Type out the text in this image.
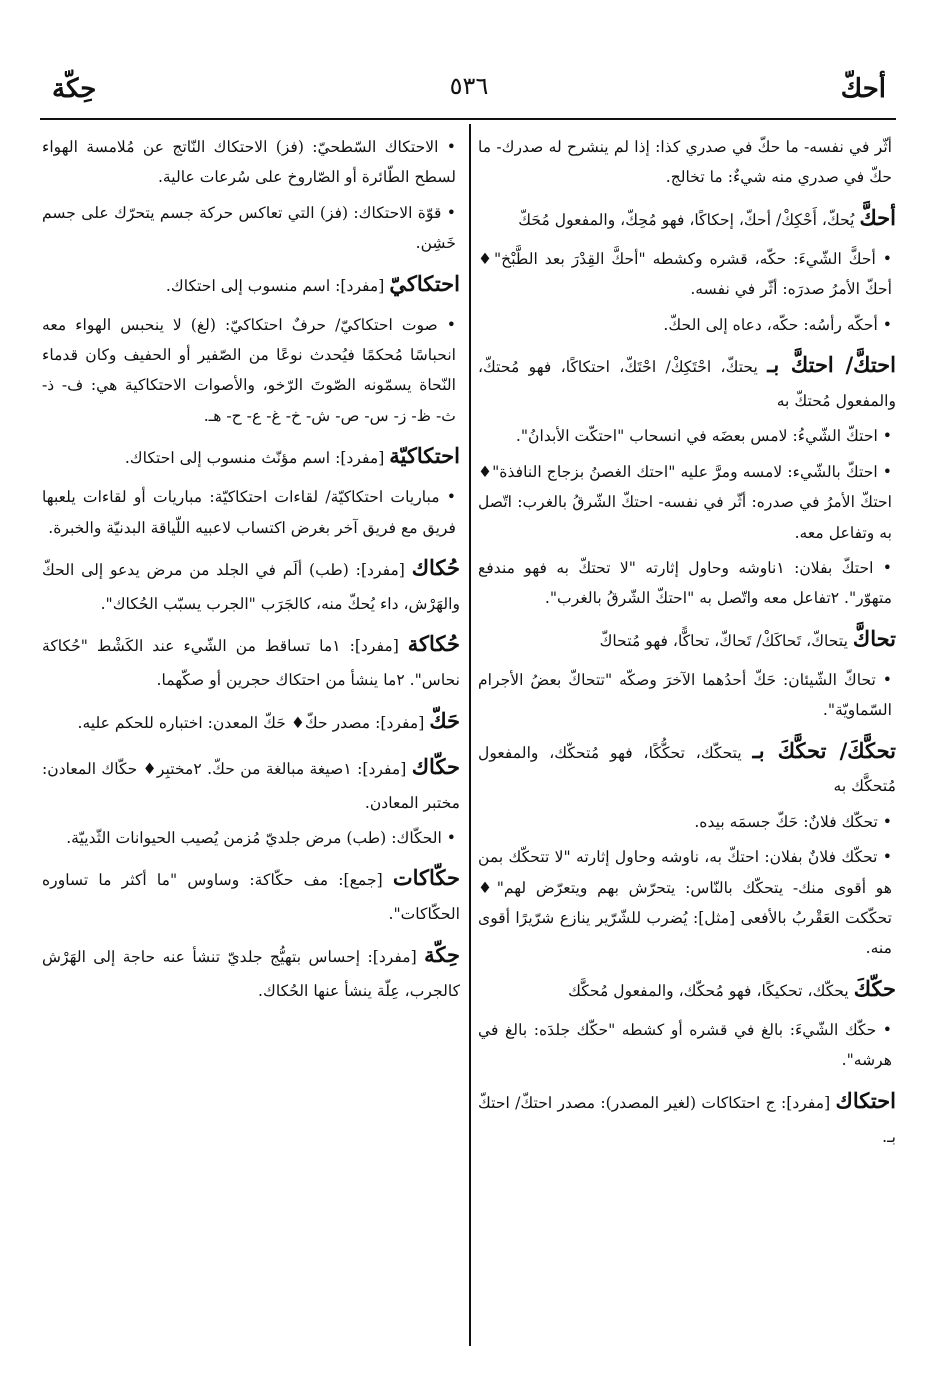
أحكّ
٥٣٦
حِكّة
أثّر في نفسه- ما حكّ في صدري كذا: إذا لم ينشرح له صدرك- ما حكّ في صدري منه شيءٌ: ما تخالج.
أحكَّ يُحكّ، أَحْكِكْ/ أحكّ، إحكاكًا، فهو مُحِكّ، والمفعول مُحَكّ
• أحكَّ الشّيءَ: حكّه، قشره وكشطه "أحكَّ القِدْرَ بعد الطَّبْخ"♦ أحكّ الأمرُ صدرَه: أثّر في نفسه.
• أحكّه رأسُه: حكّه، دعاه إلى الحكّ.
احتكَّ/ احتكَّ بـ يحتكّ، احْتَكِكْ/ احْتَكّ، احتكاكًا، فهو مُحتكّ، والمفعول مُحتكّ به
• احتكّ الشّيءُ: لامس بعضَه في انسحاب "احتكّت الأبدانُ".
• احتكّ بالشّيء: لامسه ومرَّ عليه "احتك الغصنُ بزجاج النافذة"♦ احتكّ الأمرُ في صدره: أثّر في نفسه- احتكّ الشّرقُ بالغرب: اتّصل به وتفاعل معه.
• احتكّ بفلان: ١ناوشه وحاول إثارته "لا تحتكّ به فهو مندفع متهوّر". ٢تفاعل معه واتّصل به "احتكّ الشّرقُ بالغرب".
تحاكَّ يتحاكّ، تَحاكَكْ/ تَحاكّ، تحاكًّا، فهو مُتحاكّ
• تحاكّ الشّيئان: حَكّ أحدُهما الآخرَ وصكّه "تتحاكّ بعضُ الأجرام السّماويّة".
تحكَّكَ/ تحكَّكَ بـ يتحكّك، تحكُّكًا، فهو مُتحكّك، والمفعول مُتحكَّك به
• تحكّك فلانٌ: حَكّ جسمَه بيده.
• تحكّك فلانٌ بفلان: احتكّ به، ناوشه وحاول إثارته "لا تتحكّك بمن هو أقوى منك- يتحكّك بالنّاس: يتحرّش بهم ويتعرّض لهم"♦ تحكّكت العَقْربُ بالأفعى [مثل]: يُضرب للشّرّير ينازع شرّيرًا أقوى منه.
حكّكَ يحكّك، تحكيكًا، فهو مُحكّك، والمفعول مُحكَّك
• حكّك الشّيءَ: بالغ في قشره أو كشطه "حكّك جلدَه: بالغ في هرشه".
احتكاك [مفرد]: ج احتكاكات (لغير المصدر): مصدر احتكّ/ احتكّ بـ.
• الاحتكاك السّطحيّ: (فز) الاحتكاك النّاتج عن مُلامسة الهواء لسطح الطّائرة أو الصّاروخ على سُرعات عالية.
• قوّة الاحتكاك: (فز) التي تعاكس حركة جسم يتحرّك على جسم خَشِن.
احتكاكيّ [مفرد]: اسم منسوب إلى احتكاك.
• صوت احتكاكيّ/ حرفٌ احتكاكيّ: (لغ) لا ينحبس الهواء معه انحباسًا مُحكمًا فيُحدث نوعًا من الصّفير أو الحفيف وكان قدماء النّحاة يسمّونه الصّوتَ الرّخو، والأصوات الاحتكاكية هي: ف- ذ- ث- ظ- ز- س- ص- ش- خ- غ- ع- ح- هـ.
احتكاكيّة [مفرد]: اسم مؤنّث منسوب إلى احتكاك.
• مباريات احتكاكيّة/ لقاءات احتكاكيّة: مباريات أو لقاءات يلعبها فريق مع فريق آخر بغرض اكتساب لاعبيه اللّياقة البدنيّة والخبرة.
حُكاك [مفرد]: (طب) ألَم في الجلد من مرض يدعو إلى الحكّ والهَرْش، داء يُحكّ منه، كالجَرَب "الجرب يسبّب الحُكاك".
حُكاكة [مفرد]: ١ما تساقط من الشّيء عند الكَشْط "حُكاكة نحاس". ٢ما ينشأ من احتكاك حجرين أو صكّهما.
حَكّ [مفرد]: مصدر حكّ♦ حَكّ المعدن: اختباره للحكم عليه.
حكّاك [مفرد]: ١صيغة مبالغة من حكّ. ٢مختبِر♦ حكّاك المعادن: مختبر المعادن.
• الحكّاك: (طب) مرض جلديّ مُزمن يُصيب الحيوانات الثّدييّة.
حكّاكات [جمع]: مف حكّاكة: وساوس "ما أكثر ما تساوره الحكّاكات".
حِكّة [مفرد]: إحساس بتهيُّج جلديّ تنشأ عنه حاجة إلى الهَرْش كالجرب، عِلّة ينشأ عنها الحُكاك.
